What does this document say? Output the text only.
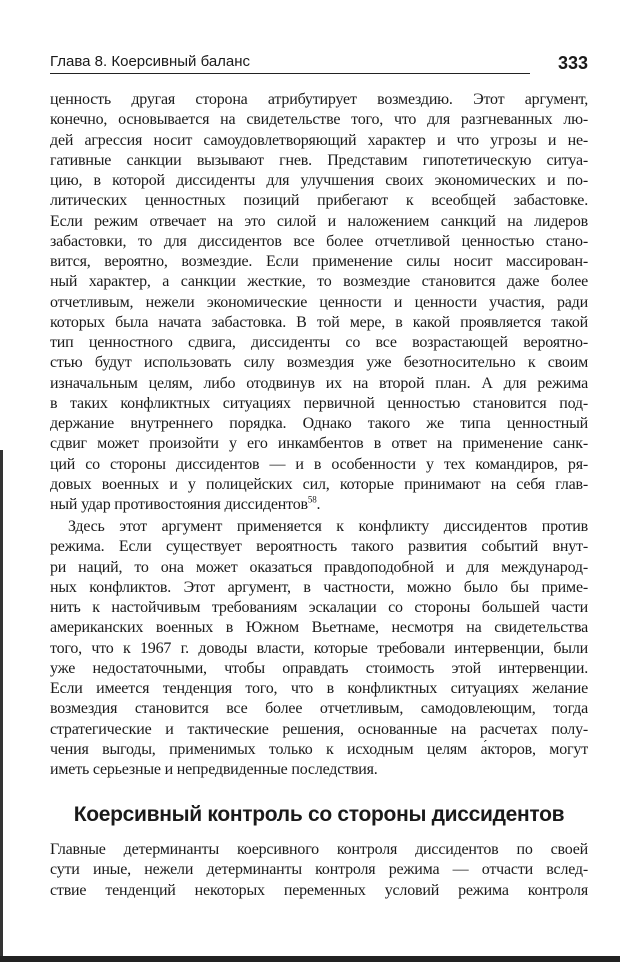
Глава 8. Коерсивный баланс	333
ценность другая сторона атрибутирует возмездию. Этот аргумент,
конечно, основывается на свидетельстве того, что для разгневанных лю-
дей агрессия носит самоудовлетворяющий характер и что угрозы и не-
гативные санкции вызывают гнев. Представим гипотетическую ситуа-
цию, в которой диссиденты для улучшения своих экономических и по-
литических ценностных позиций прибегают к всеобщей забастовке.
Если режим отвечает на это силой и наложением санкций на лидеров
забастовки, то для диссидентов все более отчетливой ценностью стано-
вится, вероятно, возмездие. Если применение силы носит массирован-
ный характер, а санкции жесткие, то возмездие становится даже более
отчетливым, нежели экономические ценности и ценности участия, ради
которых была начата забастовка. В той мере, в какой проявляется такой
тип ценностного сдвига, диссиденты со все возрастающей вероятно-
стью будут использовать силу возмездия уже безотносительно к своим
изначальным целям, либо отодвинув их на второй план. А для режима
в таких конфликтных ситуациях первичной ценностью становится под-
держание внутреннего порядка. Однако такого же типа ценностный
сдвиг может произойти у его инкамбентов в ответ на применение санк-
ций со стороны диссидентов — и в особенности у тех командиров, ря-
довых военных и у полицейских сил, которые принимают на себя глав-
ный удар противостояния диссидентов$^{58}$.
Здесь этот аргумент применяется к конфликту диссидентов против
режима. Если существует вероятность такого развития событий внут-
ри наций, то она может оказаться правдоподобной и для международ-
ных конфликтов. Этот аргумент, в частности, можно было бы приме-
нить к настойчивым требованиям эскалации со стороны большей части
американских военных в Южном Вьетнаме, несмотря на свидетельства
того, что к 1967 г. доводы власти, которые требовали интервенции, были
уже недостаточными, чтобы оправдать стоимость этой интервенции.
Если имеется тенденция того, что в конфликтных ситуациях желание
возмездия становится все более отчетливым, самодовлеющим, тогда
стратегические и тактические решения, основанные на расчетах полу-
чения выгоды, применимых только к исходным целям а́кторов, могут
иметь серьезные и непредвиденные последствия.
Коерсивный контроль со стороны диссидентов
Главные детерминанты коерсивного контроля диссидентов по своей
сути иные, нежели детерминанты контроля режима — отчасти вслед-
ствие тенденций некоторых переменных условий режима контроля
